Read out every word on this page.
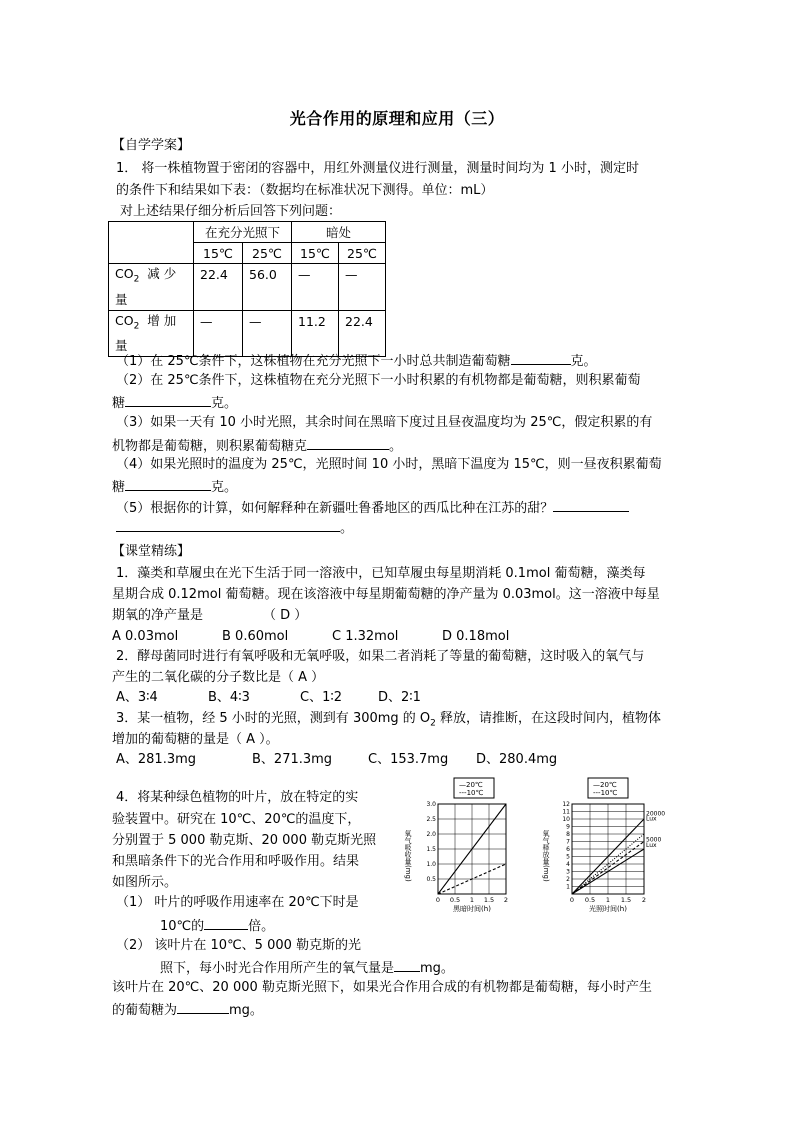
光合作用的原理和应用（三）
【自学学案】
1． 将一株植物置于密闭的容器中，用红外测量仪进行测量，测量时间均为 1 小时，测定时
的条件下和结果如下表：（数据均在标准状况下测得。单位：mL）
对上述结果仔细分析后回答下列问题：
	在充分光照下		暗处	
	15℃	25℃	15℃	25℃
$CO_2$ 减 少
量	22.4	56.0	—	—
$CO_2$ 增 加
量	—	—	11.2	22.4
（1）在 25℃条件下，这株植物在充分光照下一小时总共制造葡萄糖	克。
（2）在 25℃条件下，这株植物在充分光照下一小时积累的有机物都是葡萄糖，则积累葡萄
糖	克。
（3）如果一天有 10 小时光照，其余时间在黑暗下度过且昼夜温度均为 25℃，假定积累的有
机物都是葡萄糖，则积累葡萄糖克	。
（4）如果光照时的温度为 25℃，光照时间 10 小时，黑暗下温度为 15℃，则一昼夜积累葡萄
糖	克。
（5）根据你的计算，如何解释种在新疆吐鲁番地区的西瓜比种在江苏的甜？
。
【课堂精练】
1．藻类和草履虫在光下生活于同一溶液中，已知草履虫每星期消耗 0.1mol 葡萄糖，藻类每
星期合成 0.12mol 葡萄糖。现在该溶液中每星期葡萄糖的净产量为 0.03mol。这一溶液中每星
期氧的净产量是	（ D ）
A 0.03mol	B 0.60mol	C 1.32mol	D 0.18mol
2．酵母菌同时进行有氧呼吸和无氧呼吸，如果二者消耗了等量的葡萄糖，这时吸入的氧气与
产生的二氧化碳的分子数比是（ A ）
A、3∶4	B、4∶3	C、1∶2	D、2∶1
3．某一植物，经 5 小时的光照，测到有 300mg 的 $O_2$ 释放，请推断，在这段时间内，植物体
增加的葡萄糖的量是（ A ）。
A、281.3mg	B、271.3mg	C、153.7mg D、280.4mg
4．将某种绿色植物的叶片，放在特定的实
验装置中。研究在 10℃、20℃的温度下，
分别置于 5 000 勒克斯、20 000 勒克斯光照
和黑暗条件下的光合作用和呼吸作用。结果
如图所示。
（1） 叶片的呼吸作用速率在 20℃下时是
10℃的	倍。
（2） 该叶片在 10℃、5 000 勒克斯的光
照下，每小时光合作用所产生的氧气量是 mg。
该叶片在 20℃、20 000 勒克斯光照下，如果光合作用合成的有机物都是葡萄糖，每小时产生
的葡萄糖为	mg。
—20℃
---10℃
0 0.5 1 1.5 2
0.5
1.0
1.5
2.0
2.5
3.0
氧气吸收量(mg)
黑暗时间(h)
—20℃
---10℃
0 0.5 1 1.5 2
1
2
3
4
5
6
7
8
9
10
11
12
氧气释放量(mg)
光照时间(h)
20000
Lux
5000
Lux
